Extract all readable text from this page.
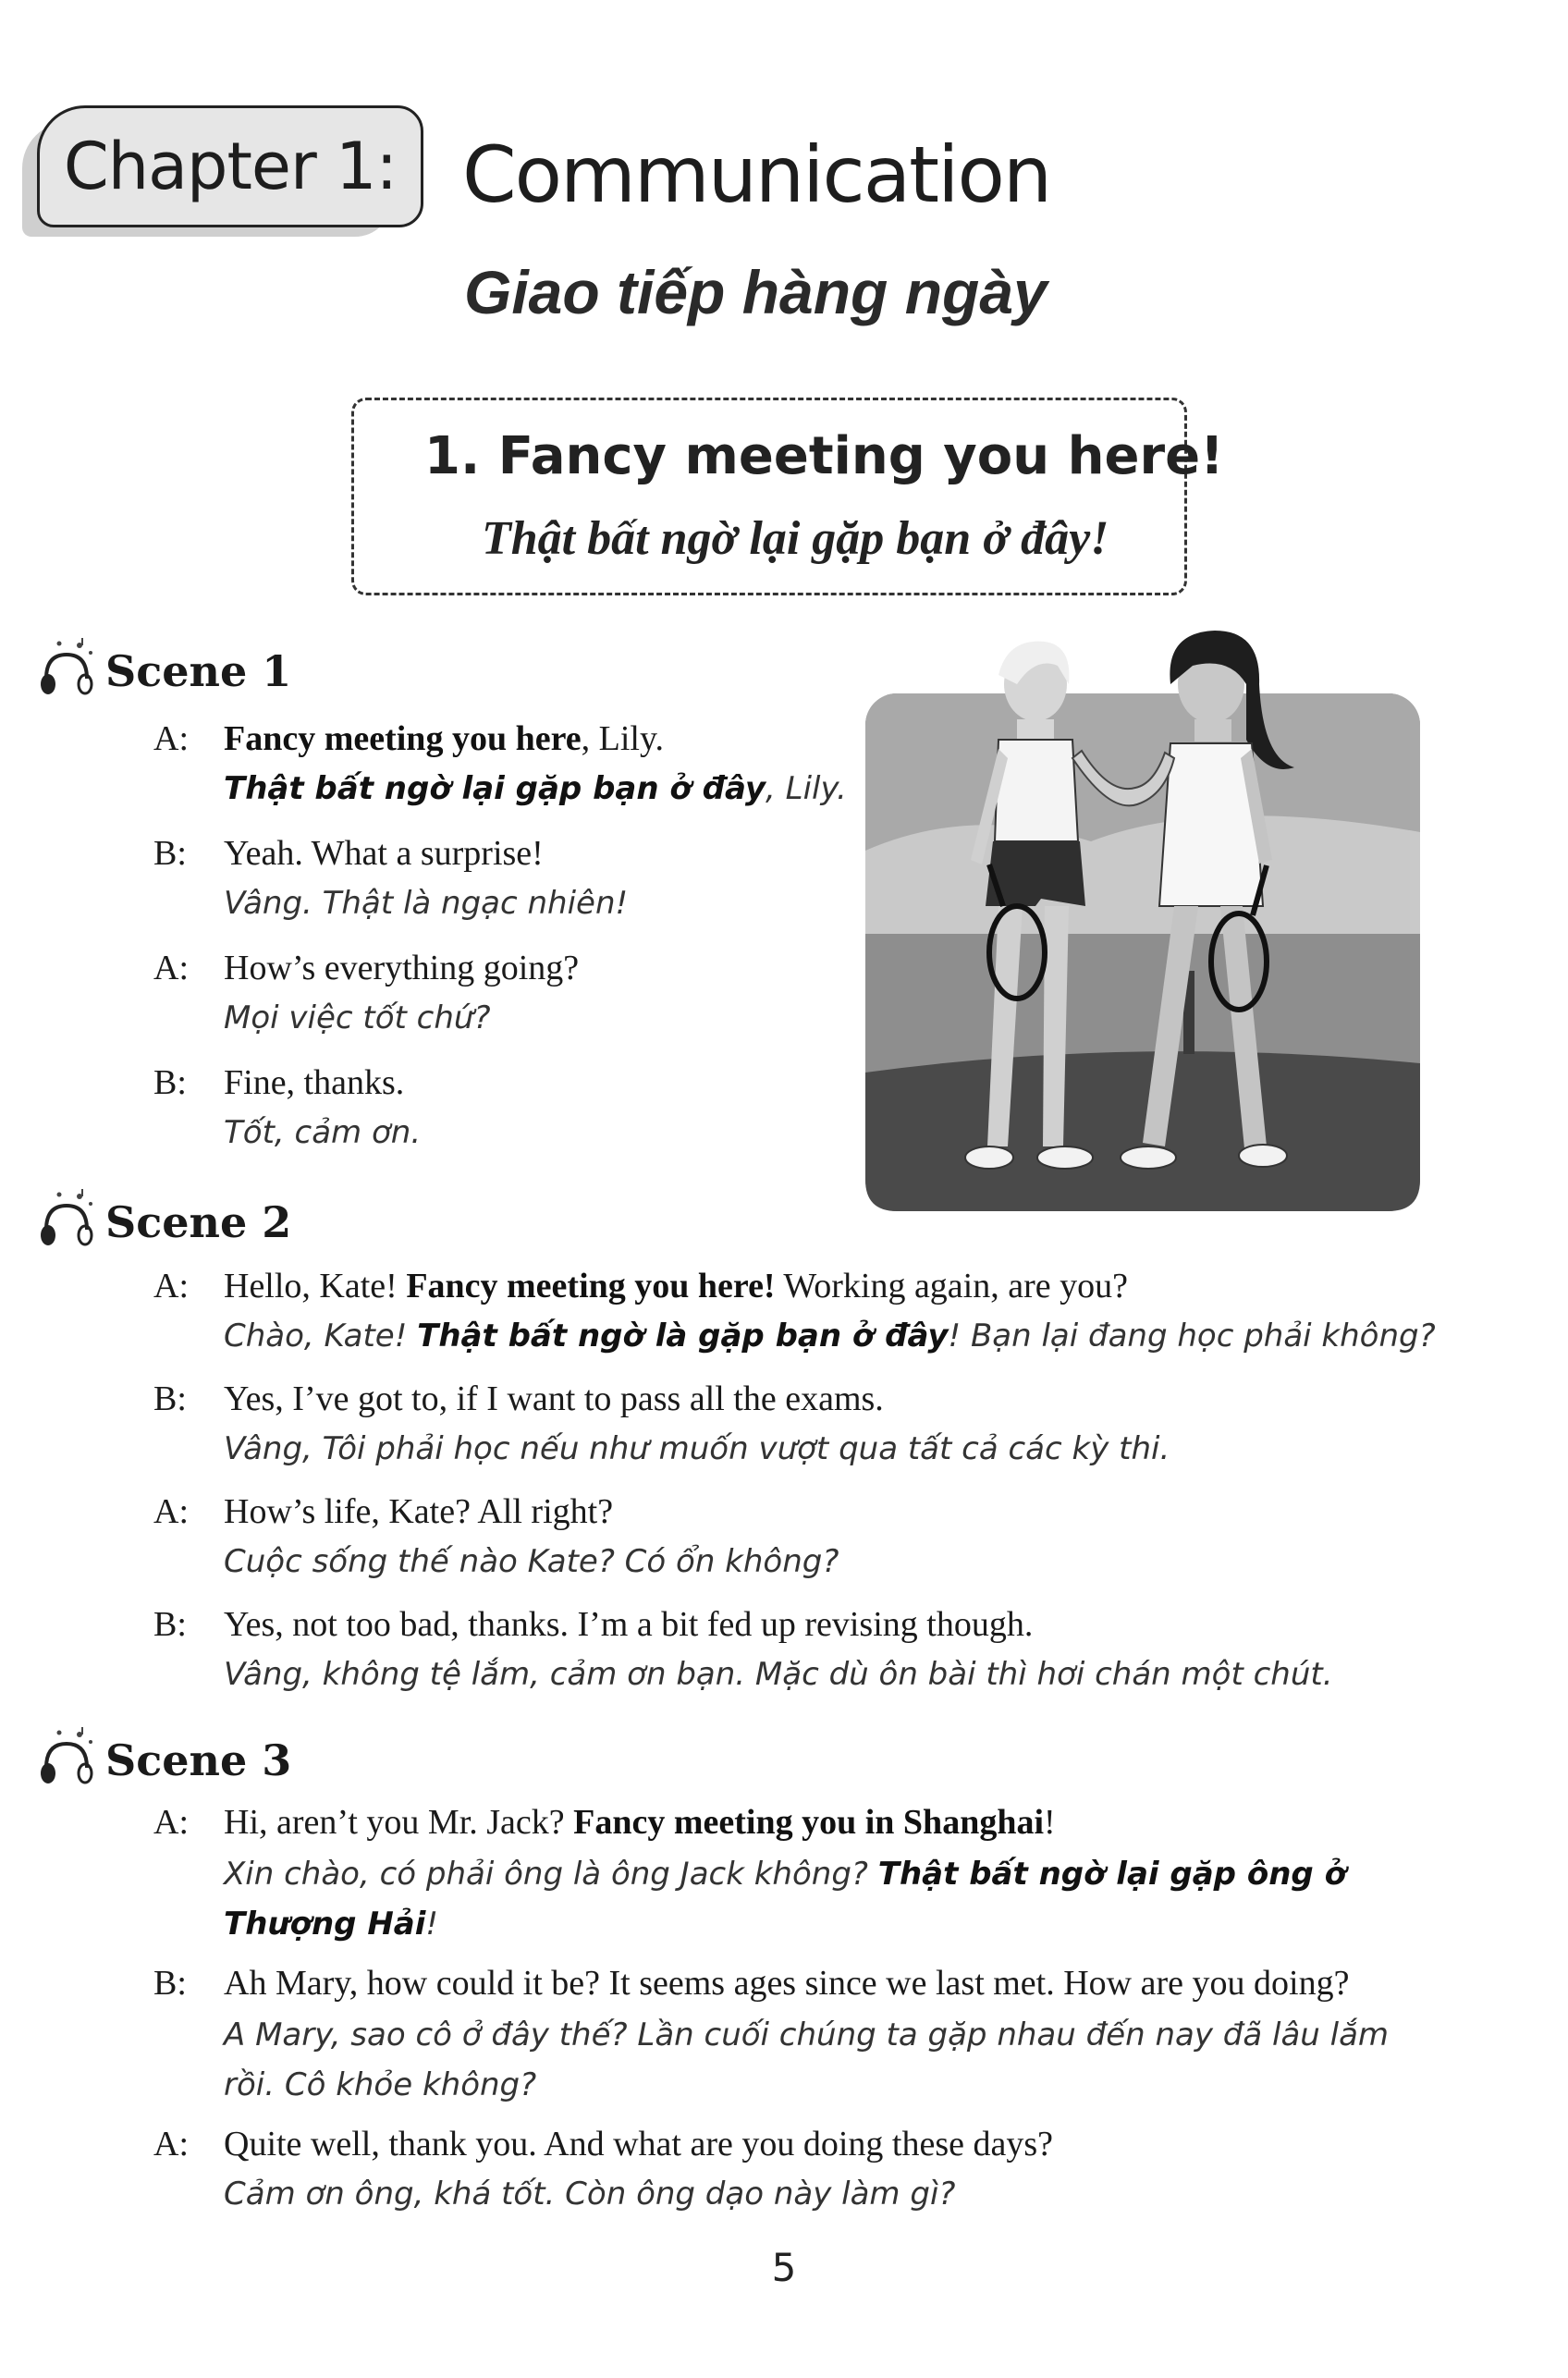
Chapter 1: Communication
Giao tiếp hàng ngày
1. Fancy meeting you here!
Thật bất ngờ lại gặp bạn ở đây!
Scene 1
A:	Fancy meeting you here, Lily.
Thật bất ngờ lại gặp bạn ở đây, Lily.
B:	Yeah. What a surprise!
Vâng. Thật là ngạc nhiên!
A:	How’s everything going?
Mọi việc tốt chứ?
B:	Fine, thanks.
Tốt, cảm ơn.
Scene 2
A:	Hello, Kate! Fancy meeting you here! Working again, are you?
Chào, Kate! Thật bất ngờ là gặp bạn ở đây! Bạn lại đang học phải không?
B:	Yes, I’ve got to, if I want to pass all the exams.
Vâng, Tôi phải học nếu như muốn vượt qua tất cả các kỳ thi.
A:	How’s life, Kate? All right?
Cuộc sống thế nào Kate? Có ổn không?
B:	Yes, not too bad, thanks. I’m a bit fed up revising though.
Vâng, không tệ lắm, cảm ơn bạn. Mặc dù ôn bài thì hơi chán một chút.
Scene 3
A:	Hi, aren’t you Mr. Jack? Fancy meeting you in Shanghai!
Xin chào, có phải ông là ông Jack không? Thật bất ngờ lại gặp ông ở Thượng Hải!
B:	Ah Mary, how could it be? It seems ages since we last met. How are you doing?
A Mary, sao cô ở đây thế? Lần cuối chúng ta gặp nhau đến nay đã lâu lắm rồi. Cô khỏe không?
A:	Quite well, thank you. And what are you doing these days?
Cảm ơn ông, khá tốt. Còn ông dạo này làm gì?
5
